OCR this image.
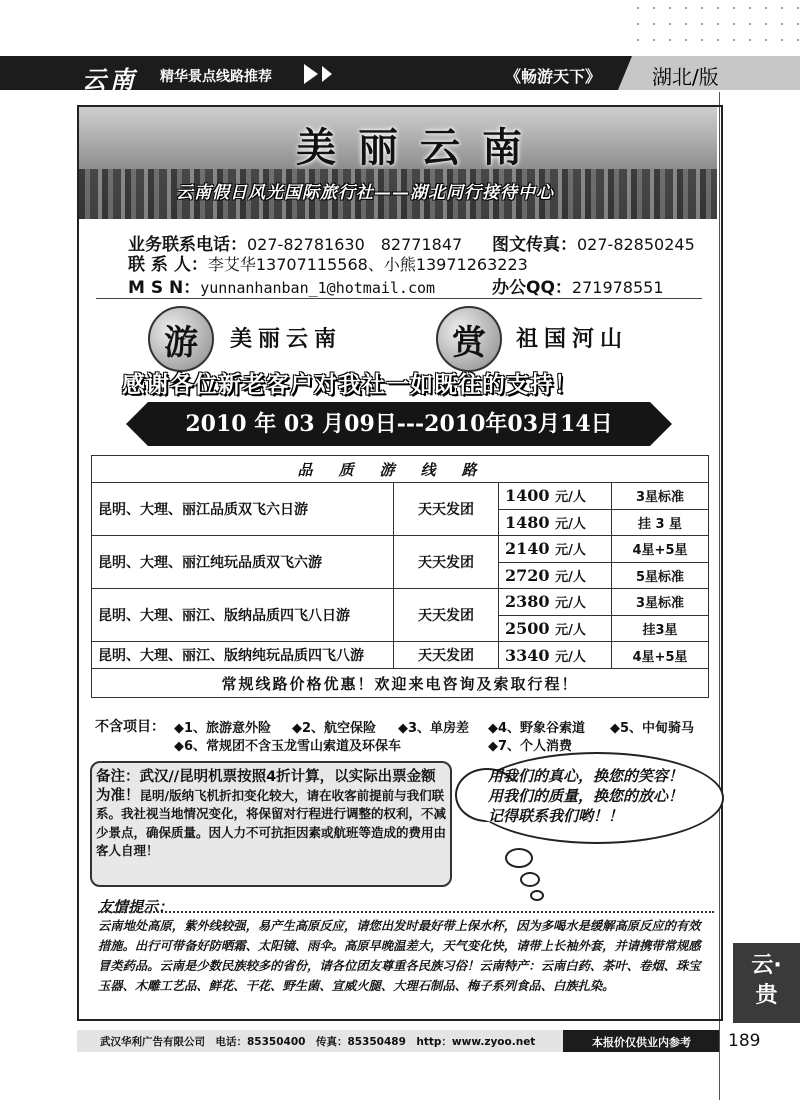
云南 精华景点线路推荐	《畅游天下》	湖北/版
美丽云南
云南假日风光国际旅行社——湖北同行接待中心
业务联系电话：027-82781630　82771847 图文传真：027-82850245
联 系 人：李艾华13707115568、小熊13971263223
M S N：yunnanhanban_1@hotmail.com	办公QQ：271978551
游	美丽云南	赏	祖国河山
感谢各位新老客户对我社一如既往的支持！
2010 年 03 月09日---2010年03月14日
品质游线路			
昆明、大理、丽江品质双飞六日游	天天发团	1400 元/人	3星标准
		1480 元/人	挂 3 星
昆明、大理、丽江纯玩品质双飞六游	天天发团	2140 元/人	4星+5星
		2720 元/人	5星标准
昆明、大理、丽江、版纳品质四飞八日游	天天发团	2380 元/人	3星标准
		2500 元/人	挂3星
昆明、大理、丽江、版纳纯玩品质四飞八游	天天发团	3340 元/人	4星+5星
常规线路价格优惠！欢迎来电咨询及索取行程！			
不含项目： ◆1、旅游意外险 ◆2、航空保险 ◆3、单房差 ◆4、野象谷索道 ◆5、中甸骑马
◆6、常规团不含玉龙雪山索道及环保车	◆7、个人消费
备注：武汉//昆明机票按照4折计算，以实际出票金额为准！昆明/版纳飞机折扣变化较大，请在收客前提前与我们联系。我社视当地情况变化，将保留对行程进行调整的权利，不减少景点，确保质量。因人力不可抗拒因素或航班等造成的费用由客人自理！
用我们的真心，换您的笑容！
用我们的质量，换您的放心！
记得联系我们哟！！
友情提示：
云南地处高原，紫外线较强，易产生高原反应，请您出发时最好带上保水杯，因为多喝水是缓解高原反应的有效措施。出行可带备好防晒霜、太阳镜、雨伞。高原早晚温差大，天气变化快，请带上长袖外套，并请携带常规感冒类药品。云南是少数民族较多的省份，请各位团友尊重各民族习俗！云南特产：云南白药、茶叶、卷烟、珠宝玉器、木雕工艺品、鲜花、干花、野生菌、宣威火腿、大理石制品、梅子系列食品、白族扎染。
云·
贵
武汉华利广告有限公司　电话：85350400　传真：85350489　http：www.zyoo.net	本报价仅供业内参考 189
